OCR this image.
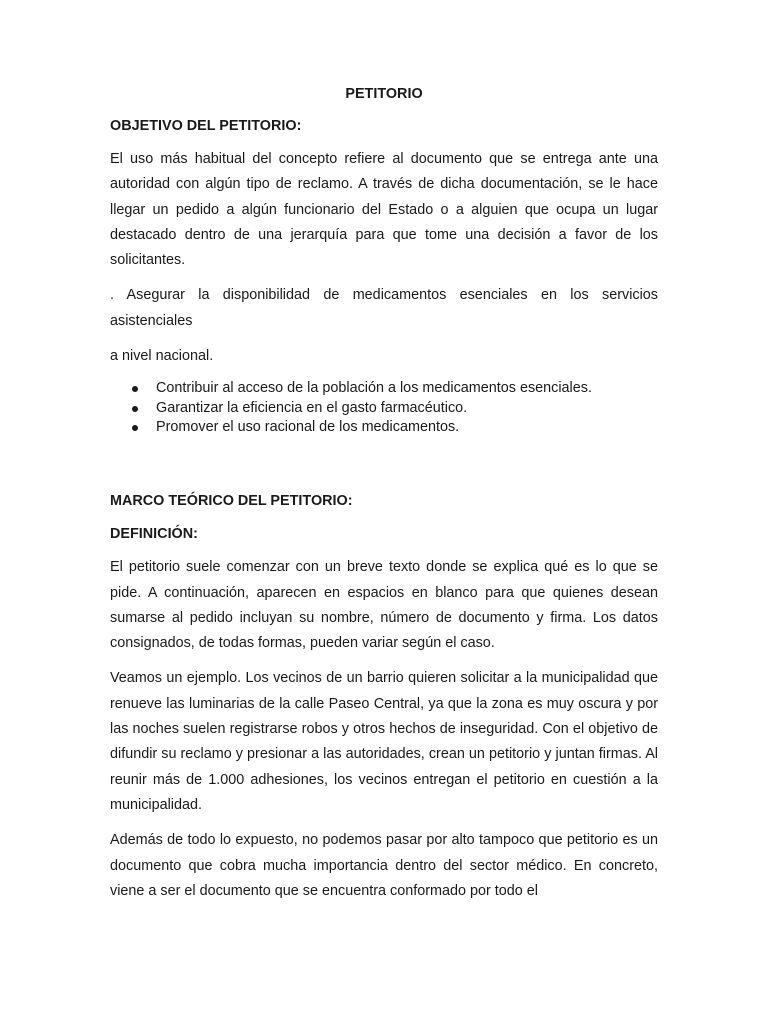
PETITORIO
OBJETIVO DEL PETITORIO:
El uso más habitual del concepto refiere al documento que se entrega ante una autoridad con algún tipo de reclamo. A través de dicha documentación, se le hace llegar un pedido a algún funcionario del Estado o a alguien que ocupa un lugar destacado dentro de una jerarquía para que tome una decisión a favor de los solicitantes.
. Asegurar la disponibilidad de medicamentos esenciales en los servicios asistenciales
a nivel nacional.
Contribuir al acceso de la población a los medicamentos esenciales.
Garantizar la eficiencia en el gasto farmacéutico.
Promover el uso racional de los medicamentos.
MARCO TEÓRICO DEL PETITORIO:
DEFINICIÓN:
El petitorio suele comenzar con un breve texto donde se explica qué es lo que se pide. A continuación, aparecen en espacios en blanco para que quienes desean sumarse al pedido incluyan su nombre, número de documento y firma. Los datos consignados, de todas formas, pueden variar según el caso.
Veamos un ejemplo. Los vecinos de un barrio quieren solicitar a la municipalidad que renueve las luminarias de la calle Paseo Central, ya que la zona es muy oscura y por las noches suelen registrarse robos y otros hechos de inseguridad. Con el objetivo de difundir su reclamo y presionar a las autoridades, crean un petitorio y juntan firmas. Al reunir más de 1.000 adhesiones, los vecinos entregan el petitorio en cuestión a la municipalidad.
Además de todo lo expuesto, no podemos pasar por alto tampoco que petitorio es un documento que cobra mucha importancia dentro del sector médico. En concreto, viene a ser el documento que se encuentra conformado por todo el
